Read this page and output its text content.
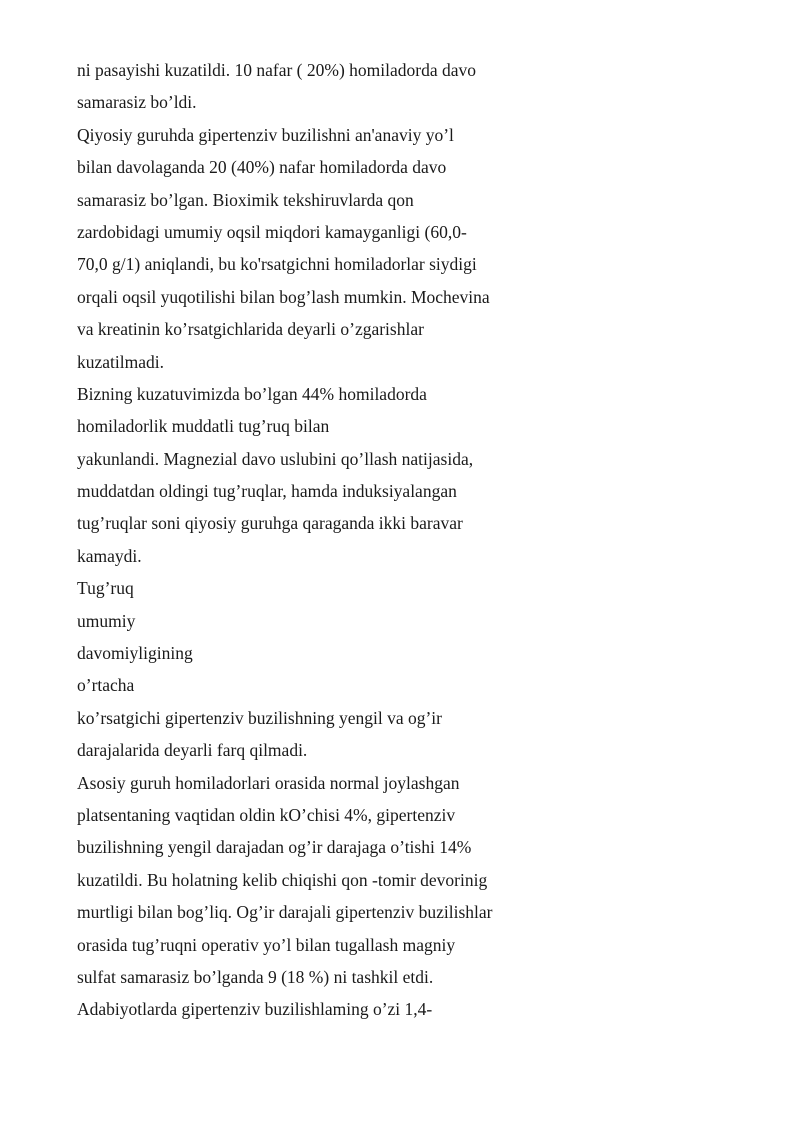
ni pasayishi kuzatildi. 10 nafar ( 20%) homiladorda davo
samarasiz bo’ldi.
Qiyosiy guruhda gipertenziv buzilishni an'anaviy yo’l
bilan davolaganda 20 (40%) nafar homiladorda davo
samarasiz bo’lgan. Bioximik tekshiruvlarda qon
zardobidagi umumiy oqsil miqdori kamayganligi (60,0-
70,0 g/1) aniqlandi, bu ko'rsatgichni homiladorlar siydigi
orqali oqsil yuqotilishi bilan bog’lash mumkin. Mochevina
va kreatinin ko’rsatgichlarida deyarli o’zgarishlar
kuzatilmadi.
Bizning kuzatuvimizda bo’lgan 44% homiladorda
homiladorlik muddatli tug’ruq bilan
yakunlandi. Magnezial davo uslubini qo’llash natijasida,
muddatdan oldingi tug’ruqlar, hamda induksiyalangan
tug’ruqlar soni qiyosiy guruhga qaraganda ikki baravar
kamaydi.
Tug’ruq
umumiy
davomiyligining
o’rtacha
ko’rsatgichi gipertenziv buzilishning yengil va og’ir
darajalarida deyarli farq qilmadi.
Asosiy guruh homiladorlari orasida normal joylashgan
platsentaning vaqtidan oldin kO’chisi 4%, gipertenziv
buzilishning yengil darajadan og’ir darajaga o’tishi 14%
kuzatildi. Bu holatning kelib chiqishi qon -tomir devorinig
murtligi bilan bog’liq. Og’ir darajali gipertenziv buzilishlar
orasida tug’ruqni operativ yo’l bilan tugallash magniy
sulfat samarasiz bo’lganda 9 (18 %) ni tashkil etdi.
Adabiyotlarda gipertenziv buzilishlaming o’zi 1,4-
